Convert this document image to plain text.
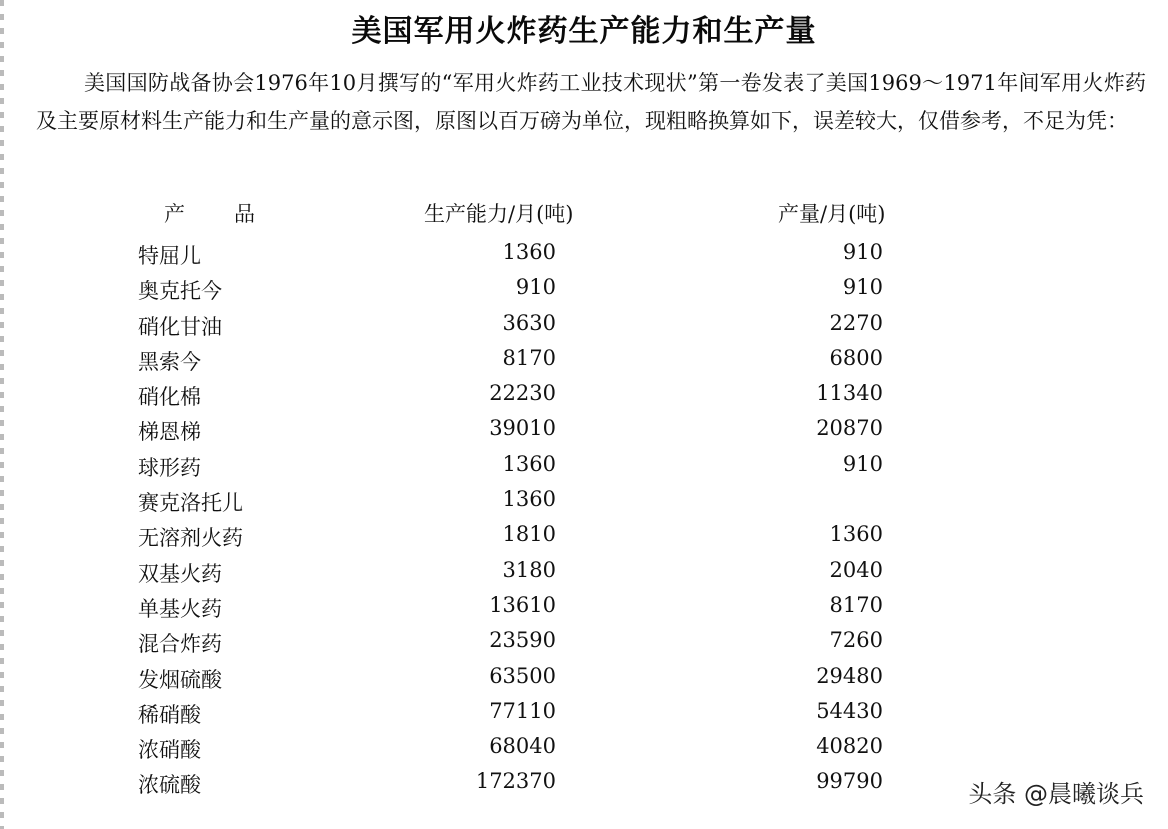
美国军用火炸药生产能力和生产量

美国国防战备协会1976年10月撰写的“军用火炸药工业技术现状”第一卷发表了美国1969～1971年间军用火炸药及主要原材料生产能力和生产量的意示图，原图以百万磅为单位，现粗略换算如下，误差较大，仅借参考，不足为凭：

产　品	生产能力/月(吨)	产量/月(吨)
特屈儿	1360	910
奥克托今	910	910
硝化甘油	3630	2270
黑索今	8170	6800
硝化棉	22230	11340
梯恩梯	39010	20870
球形药	1360	910
赛克洛托儿	1360
无溶剂火药	1810	1360
双基火药	3180	2040
单基火药	13610	8170
混合炸药	23590	7260
发烟硫酸	63500	29480
稀硝酸	77110	54430
浓硝酸	68040	40820
浓硫酸	172370	99790	头条 @晨曦谈兵
